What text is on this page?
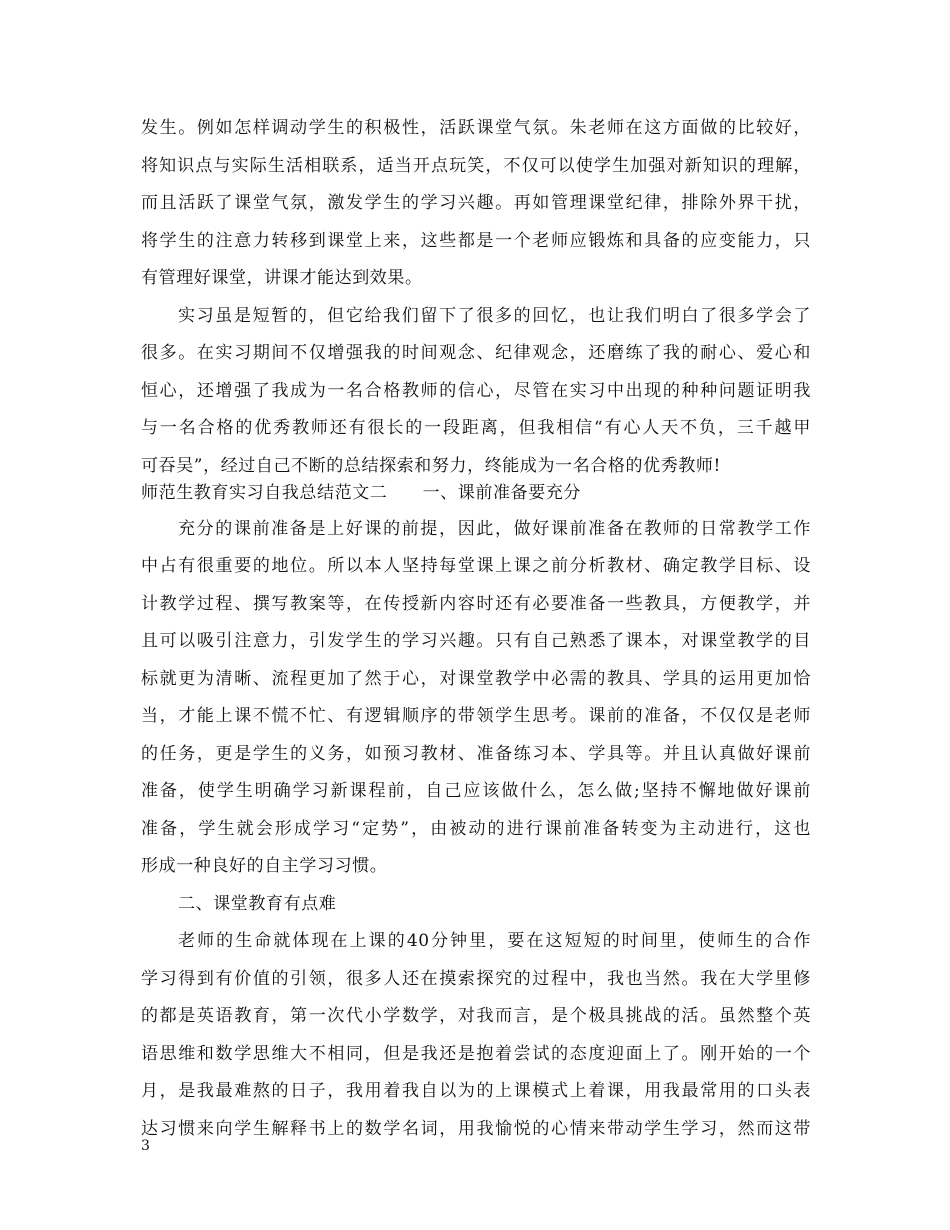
发生。例如怎样调动学生的积极性，活跃课堂气氛。朱老师在这方面做的比较好，
将知识点与实际生活相联系，适当开点玩笑，不仅可以使学生加强对新知识的理解，
而且活跃了课堂气氛，激发学生的学习兴趣。再如管理课堂纪律，排除外界干扰，
将学生的注意力转移到课堂上来，这些都是一个老师应锻炼和具备的应变能力，只
有管理好课堂，讲课才能达到效果。
实习虽是短暂的，但它给我们留下了很多的回忆，也让我们明白了很多学会了
很多。在实习期间不仅增强我的时间观念、纪律观念，还磨练了我的耐心、爱心和
恒心，还增强了我成为一名合格教师的信心，尽管在实习中出现的种种问题证明我
与一名合格的优秀教师还有很长的一段距离，但我相信“有心人天不负，三千越甲
可吞吴”，经过自己不断的总结探索和努力，终能成为一名合格的优秀教师!
师范生教育实习自我总结范文二　　一、课前准备要充分
充分的课前准备是上好课的前提，因此，做好课前准备在教师的日常教学工作
中占有很重要的地位。所以本人坚持每堂课上课之前分析教材、确定教学目标、设
计教学过程、撰写教案等，在传授新内容时还有必要准备一些教具，方便教学，并
且可以吸引注意力，引发学生的学习兴趣。只有自己熟悉了课本，对课堂教学的目
标就更为清晰、流程更加了然于心，对课堂教学中必需的教具、学具的运用更加恰
当，才能上课不慌不忙、有逻辑顺序的带领学生思考。课前的准备，不仅仅是老师
的任务，更是学生的义务，如预习教材、准备练习本、学具等。并且认真做好课前
准备，使学生明确学习新课程前，自己应该做什么，怎么做;坚持不懈地做好课前
准备，学生就会形成学习“定势”，由被动的进行课前准备转变为主动进行，这也
形成一种良好的自主学习习惯。
二、课堂教育有点难
老师的生命就体现在上课的40分钟里，要在这短短的时间里，使师生的合作
学习得到有价值的引领，很多人还在摸索探究的过程中，我也当然。我在大学里修
的都是英语教育，第一次代小学数学，对我而言，是个极具挑战的活。虽然整个英
语思维和数学思维大不相同，但是我还是抱着尝试的态度迎面上了。刚开始的一个
月，是我最难熬的日子，我用着我自以为的上课模式上着课，用我最常用的口头表
达习惯来向学生解释书上的数学名词，用我愉悦的心情来带动学生学习，然而这带
3
